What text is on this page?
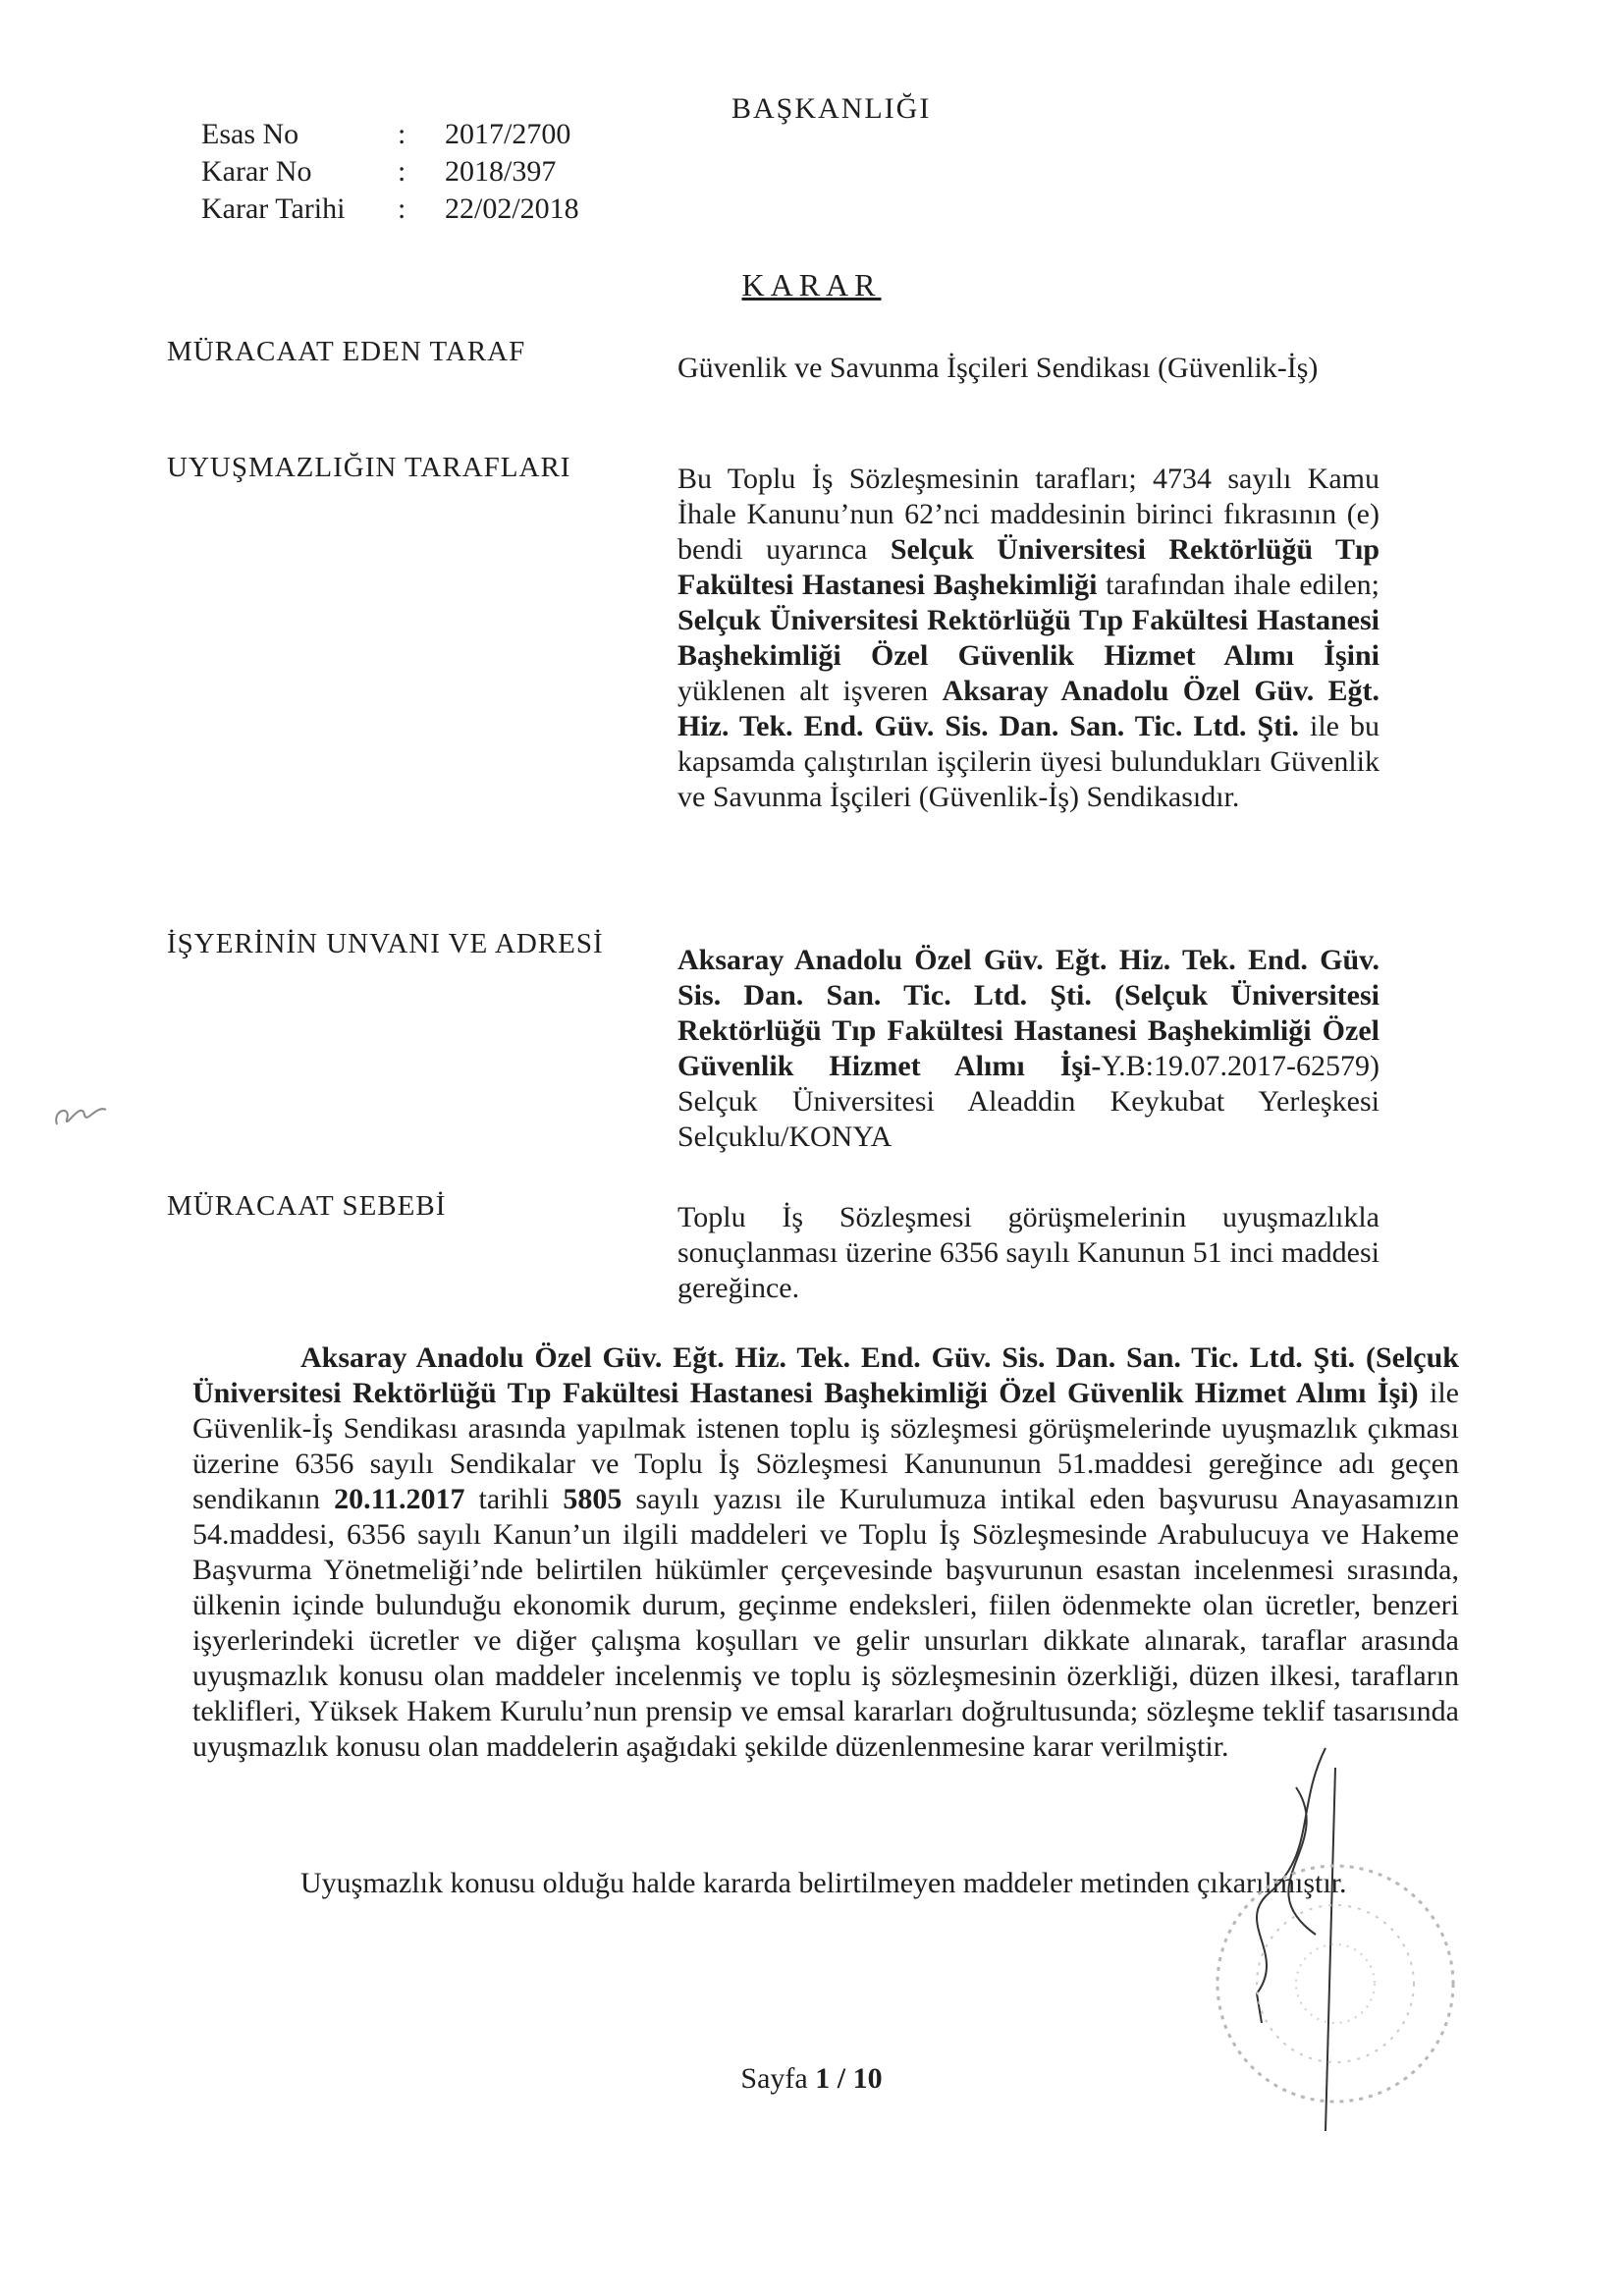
BAŞKANLIĞI
Esas No	:	2017/2700
Karar No	:	2018/397
Karar Tarihi	:	22/02/2018
KARAR
MÜRACAAT EDEN TARAF	Güvenlik ve Savunma İşçileri Sendikası (Güvenlik-İş)
UYUŞMAZLIĞIN TARAFLARI	Bu Toplu İş Sözleşmesinin tarafları; 4734 sayılı Kamu İhale Kanunu’nun 62’nci maddesinin birinci fıkrasının (e) bendi uyarınca Selçuk Üniversitesi Rektörlüğü Tıp Fakültesi Hastanesi Başhekimliği tarafından ihale edilen; Selçuk Üniversitesi Rektörlüğü Tıp Fakültesi Hastanesi Başhekimliği Özel Güvenlik Hizmet Alımı İşini yüklenen alt işveren Aksaray Anadolu Özel Güv. Eğt. Hiz. Tek. End. Güv. Sis. Dan. San. Tic. Ltd. Şti. ile bu kapsamda çalıştırılan işçilerin üyesi bulundukları Güvenlik ve Savunma İşçileri (Güvenlik-İş) Sendikasıdır.
İŞYERİNİN UNVANI VE ADRESİ	Aksaray Anadolu Özel Güv. Eğt. Hiz. Tek. End. Güv. Sis. Dan. San. Tic. Ltd. Şti. (Selçuk Üniversitesi Rektörlüğü Tıp Fakültesi Hastanesi Başhekimliği Özel Güvenlik Hizmet Alımı İşi-Y.B:19.07.2017-62579) Selçuk Üniversitesi Aleaddin Keykubat Yerleşkesi Selçuklu/KONYA
MÜRACAAT SEBEBİ	Toplu İş Sözleşmesi görüşmelerinin uyuşmazlıkla sonuçlanması üzerine 6356 sayılı Kanunun 51 inci maddesi gereğince.
Aksaray Anadolu Özel Güv. Eğt. Hiz. Tek. End. Güv. Sis. Dan. San. Tic. Ltd. Şti. (Selçuk Üniversitesi Rektörlüğü Tıp Fakültesi Hastanesi Başhekimliği Özel Güvenlik Hizmet Alımı İşi) ile Güvenlik-İş Sendikası arasında yapılmak istenen toplu iş sözleşmesi görüşmelerinde uyuşmazlık çıkması üzerine 6356 sayılı Sendikalar ve Toplu İş Sözleşmesi Kanununun 51.maddesi gereğince adı geçen sendikanın 20.11.2017 tarihli 5805 sayılı yazısı ile Kurulumuza intikal eden başvurusu Anayasamızın 54.maddesi, 6356 sayılı Kanun’un ilgili maddeleri ve Toplu İş Sözleşmesinde Arabulucuya ve Hakeme Başvurma Yönetmeliği’nde belirtilen hükümler çerçevesinde başvurunun esastan incelenmesi sırasında, ülkenin içinde bulunduğu ekonomik durum, geçinme endeksleri, fiilen ödenmekte olan ücretler, benzeri işyerlerindeki ücretler ve diğer çalışma koşulları ve gelir unsurları dikkate alınarak, taraflar arasında uyuşmazlık konusu olan maddeler incelenmiş ve toplu iş sözleşmesinin özerkliği, düzen ilkesi, tarafların teklifleri, Yüksek Hakem Kurulu’nun prensip ve emsal kararları doğrultusunda; sözleşme teklif tasarısında uyuşmazlık konusu olan maddelerin aşağıdaki şekilde düzenlenmesine karar verilmiştir.
Uyuşmazlık konusu olduğu halde kararda belirtilmeyen maddeler metinden çıkarılmıştır.
Sayfa 1 / 10
